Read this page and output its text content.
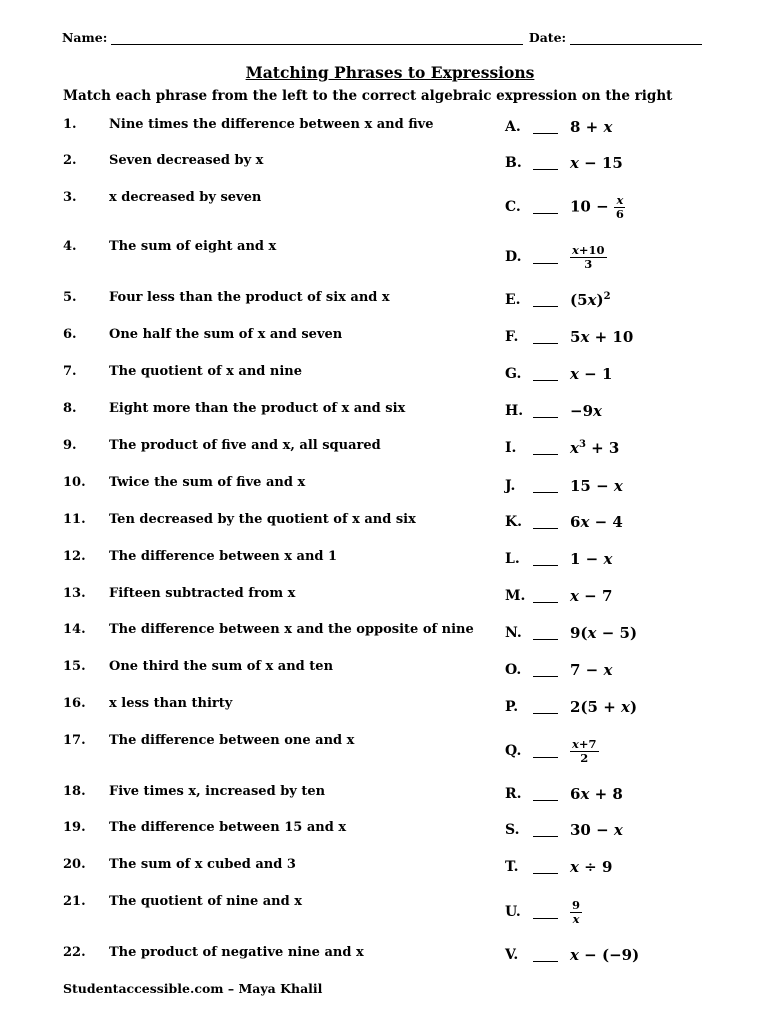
Name:	Date:
Matching Phrases to Expressions
Match each phrase from the left to the correct algebraic expression on the right
1. Nine times the difference between x and five
2. Seven decreased by x
3. x decreased by seven
4. The sum of eight and x
5. Four less than the product of six and x
6. One half the sum of x and seven
7. The quotient of x and nine
8. Eight more than the product of x and six
9. The product of five and x, all squared
10. Twice the sum of five and x
11. Ten decreased by the quotient of x and six
12. The difference between x and 1
13. Fifteen subtracted from x
14. The difference between x and the opposite of nine
15. One third the sum of x and ten
16. x less than thirty
17. The difference between one and x
18. Five times x, increased by ten
19. The difference between 15 and x
20. The sum of x cubed and 3
21. The quotient of nine and x
22. The product of negative nine and x
A.	8 + x
B.	x − 15
C.	$10 - \frac{x}{6}$
D.	$\frac{x+10}{3}$
E.	$(5x)^2$
F.	5x + 10
G.	x − 1
H.	−9x
I.	$x^3 + 3$
J.	15 − x
K.	6x − 4
L.	1 − x
M.	x − 7
N.	9(x − 5)
O.	7 − x
P.	2(5 + x)
Q.	$\frac{x+7}{2}$
R.	6x + 8
S.	30 − x
T.	x ÷ 9
U.	$\frac{9}{x}$
V.	x − (−9)
Studentaccessible.com – Maya Khalil
